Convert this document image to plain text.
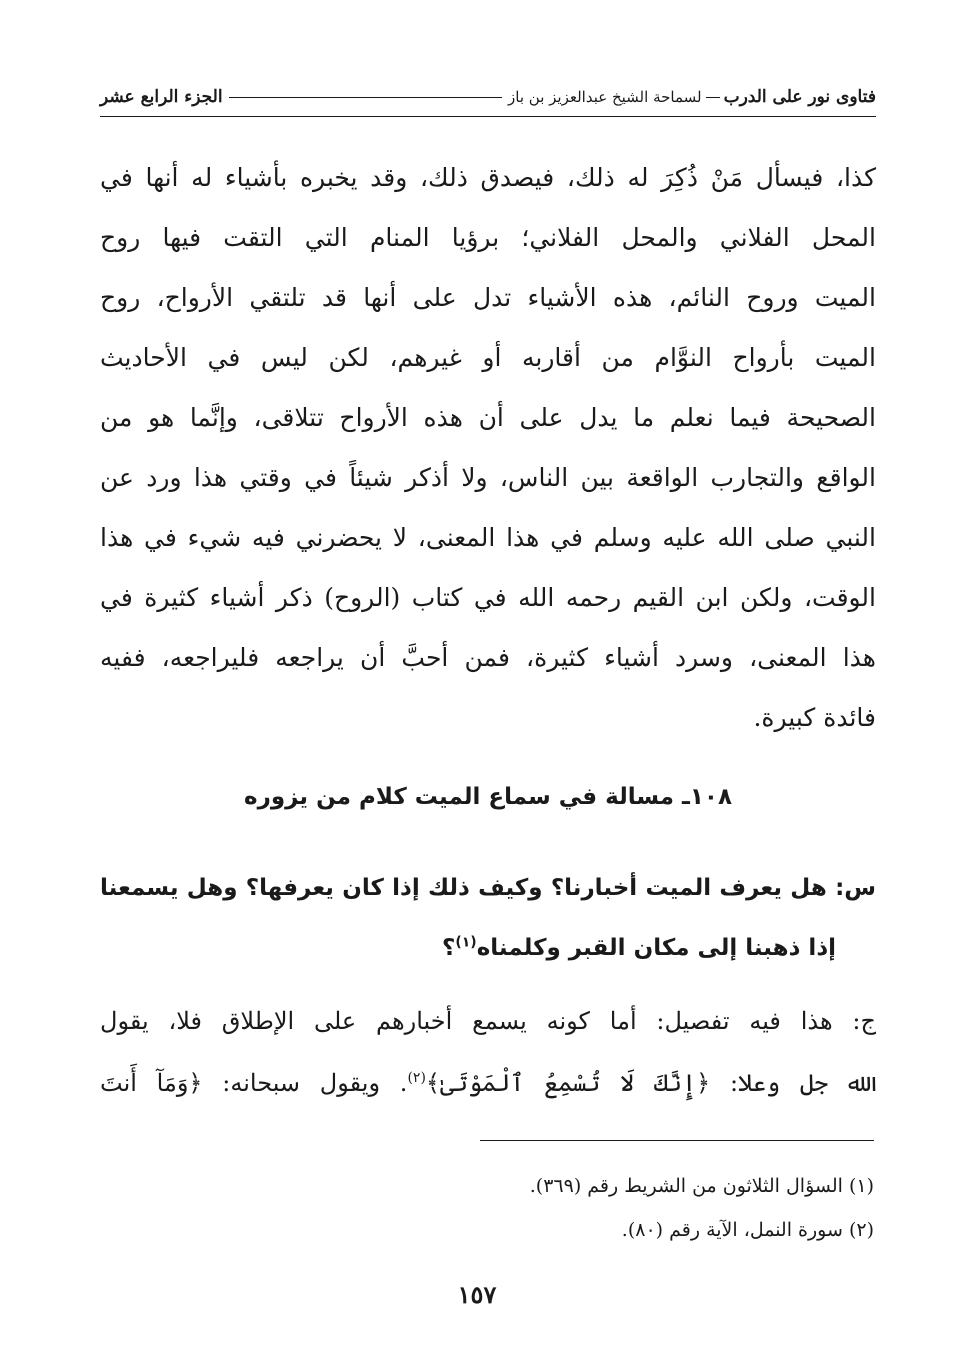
فتاوى نور على الدرب
لسماحة الشيخ عبدالعزيز بن باز
الجزء الرابع عشر
كذا، فيسأل مَنْ ذُكِرَ له ذلك، فيصدق ذلك، وقد يخبره بأشياء له أنها في
المحل الفلاني والمحل الفلاني؛ برؤيا المنام التي التقت فيها روح
الميت وروح النائم، هذه الأشياء تدل على أنها قد تلتقي الأرواح، روح
الميت بأرواح النوَّام من أقاربه أو غيرهم، لكن ليس في الأحاديث
الصحيحة فيما نعلم ما يدل على أن هذه الأرواح تتلاقى، وإنَّما هو من
الواقع والتجارب الواقعة بين الناس، ولا أذكر شيئاً في وقتي هذا ورد عن
النبي صلى الله عليه وسلم في هذا المعنى، لا يحضرني فيه شيء في هذا
الوقت، ولكن ابن القيم رحمه الله في كتاب (الروح) ذكر أشياء كثيرة في
هذا المعنى، وسرد أشياء كثيرة، فمن أحبَّ أن يراجعه فليراجعه، ففيه
فائدة كبيرة.
١٠٨ـ مسالة في سماع الميت كلام من يزوره
س: هل يعرف الميت أخبارنا؟ وكيف ذلك إذا كان يعرفها؟ وهل يسمعنا
إذا ذهبنا إلى مكان القبر وكلمناه$^{(١)}$؟
ج: هذا فيه تفصيل: أما كونه يسمع أخبارهم على الإطلاق فلا، يقول
الله جل وعلا: ﴿إِنَّكَ لَا تُسْمِعُ ٱلْمَوْتَىٰ﴾$^{(٢)}$. ويقول سبحانه: ﴿وَمَآ أَنتَ
(١) السؤال الثلاثون من الشريط رقم (٣٦٩).
(٢) سورة النمل، الآية رقم (٨٠).
١٥٧
